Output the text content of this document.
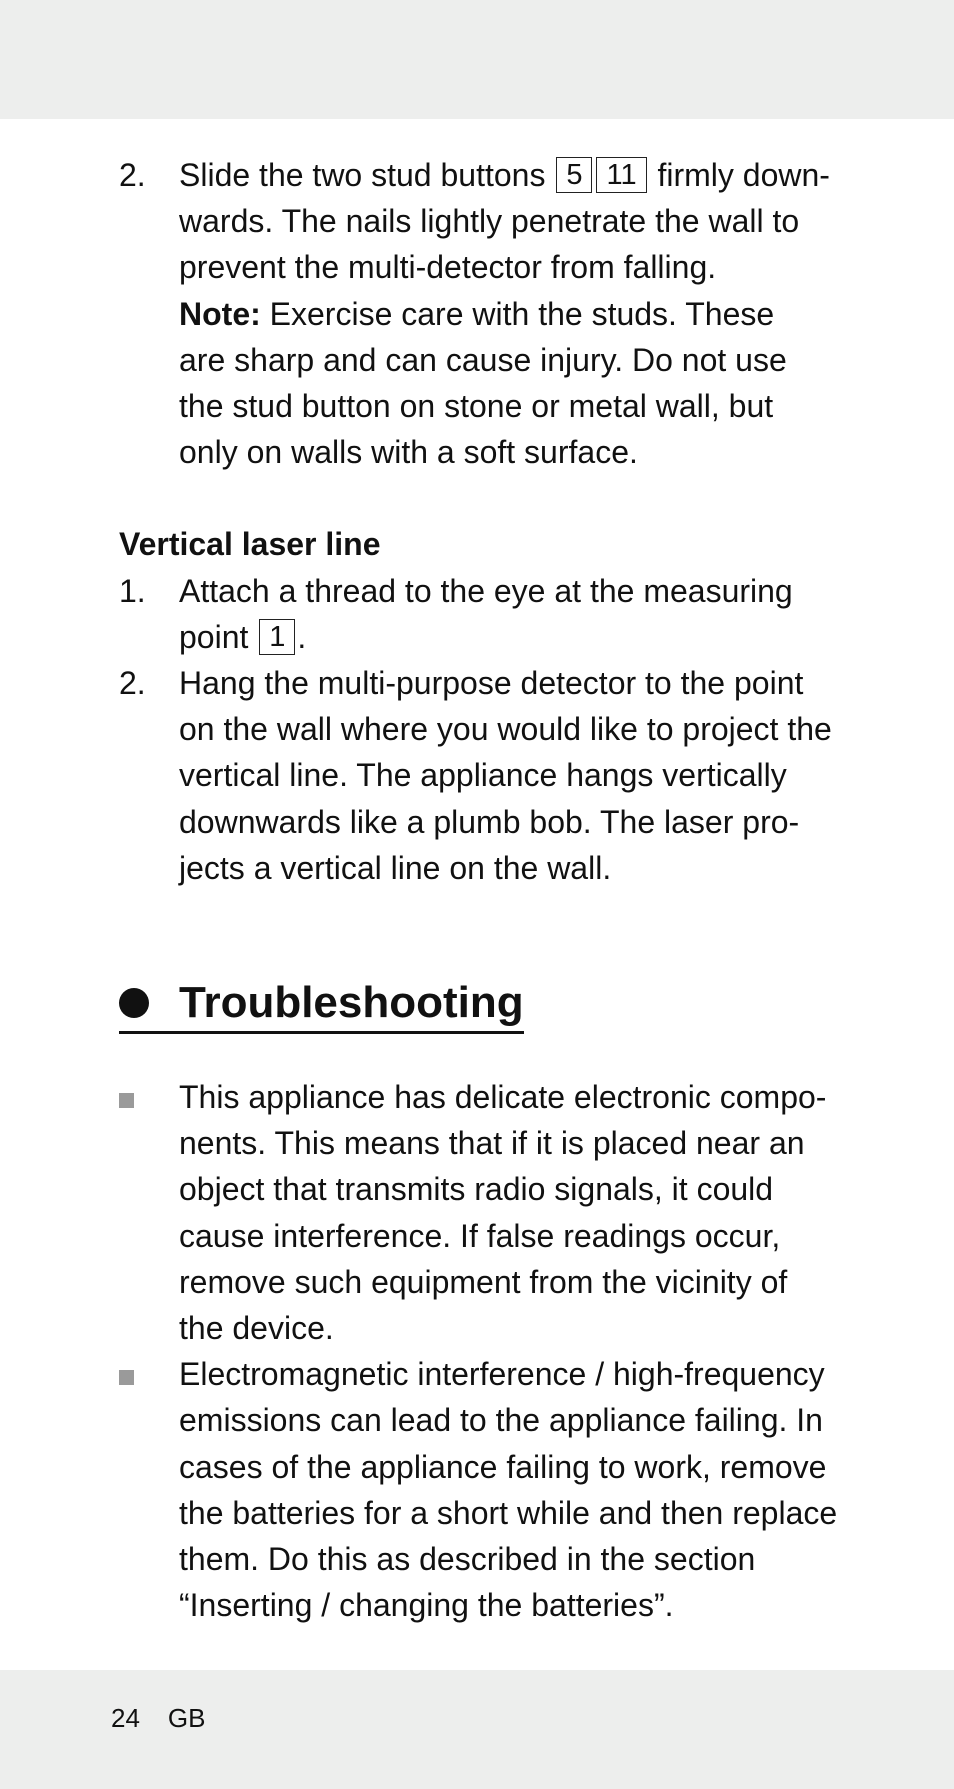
2.	Slide the two stud buttons 5 11 firmly down-
wards. The nails lightly penetrate the wall to
prevent the multi-detector from falling.
Note: Exercise care with the studs. These
are sharp and can cause injury. Do not use
the stud button on stone or metal wall, but
only on walls with a soft surface.
Vertical laser line
1.	Attach a thread to the eye at the measuring
point 1 .
2.	Hang the multi-purpose detector to the point
on the wall where you would like to project the
vertical line. The appliance hangs vertically
downwards like a plumb bob. The laser pro-
jects a vertical line on the wall.
Troubleshooting
This appliance has delicate electronic compo-
nents. This means that if it is placed near an
object that transmits radio signals, it could
cause interference. If false readings occur,
remove such equipment from the vicinity of
the device.
Electromagnetic interference / high-frequency
emissions can lead to the appliance failing. In
cases of the appliance failing to work, remove
the batteries for a short while and then replace
them. Do this as described in the section
“Inserting / changing the batteries”.
24 GB
